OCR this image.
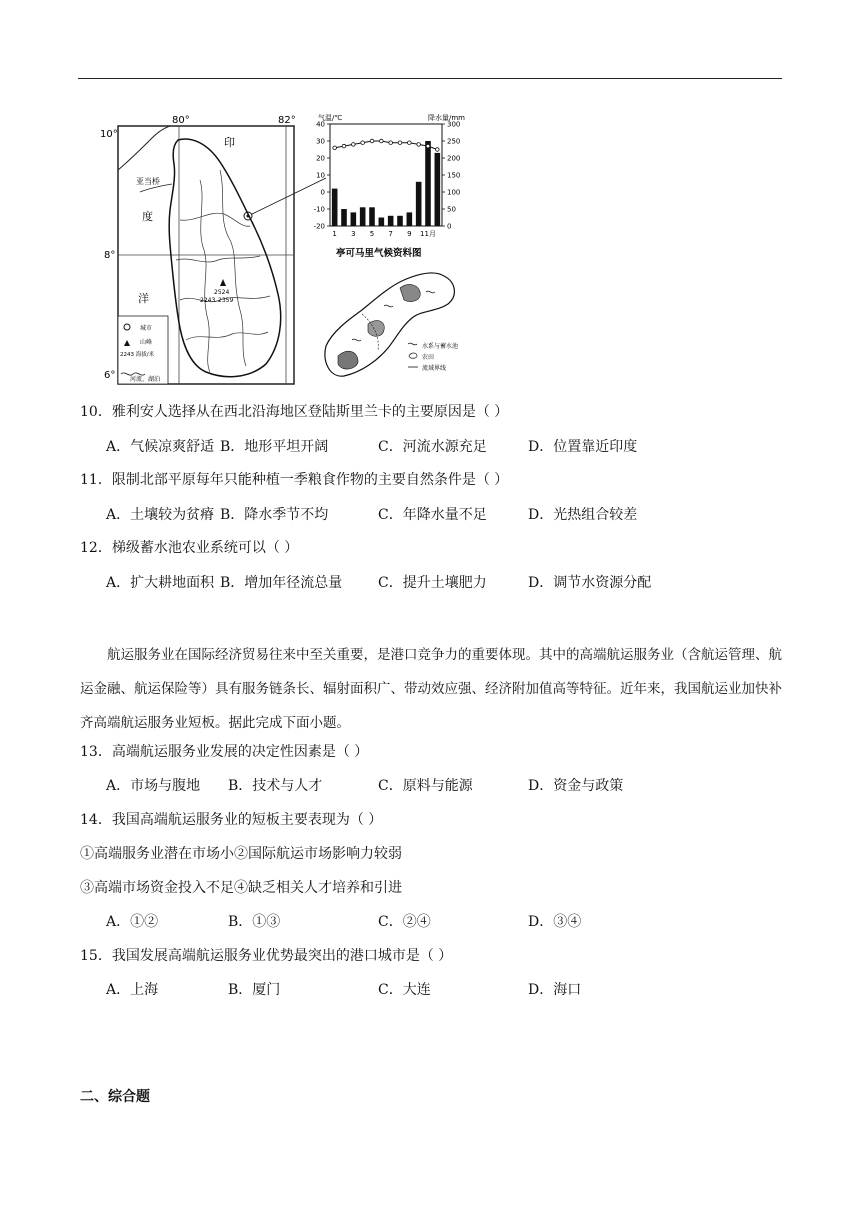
80°	82°
10°
8°
6°
印
亚当桥
度
洋	2524
2243 2359
城市
山峰
2243 海拔/米
河流、湖泊
气温/℃	降水量/mm
40
30
20
10
0
-10
-20
300
250
200
150
100
50
0
1 3 5 7 9 11月
亭可马里气候资料图
水系与蓄水池
农田
流域界线
10．雅利安人选择从在西北沿海地区登陆斯里兰卡的主要原因是（ ）
A．气候凉爽舒适 B．地形平坦开阔	C．河流水源充足	D．位置靠近印度
11．限制北部平原每年只能种植一季粮食作物的主要自然条件是（ ）
A．土壤较为贫瘠 B．降水季节不均	C．年降水量不足	D．光热组合较差
12．梯级蓄水池农业系统可以（ ）
A．扩大耕地面积 B．增加年径流总量	C．提升土壤肥力	D．调节水资源分配

航运服务业在国际经济贸易往来中至关重要，是港口竞争力的重要体现。其中的高端航运服务业（含航运管理、航运金融、航运保险等）具有服务链条长、辐射面积广、带动效应强、经济附加值高等特征。近年来，我国航运业加快补齐高端航运服务业短板。据此完成下面小题。

13．高端航运服务业发展的决定性因素是（ ）
A．市场与腹地 B．技术与人才	C．原料与能源	D．资金与政策
14．我国高端航运服务业的短板主要表现为（ ）
①高端服务业潜在市场小②国际航运市场影响力较弱
③高端市场资金投入不足④缺乏相关人才培养和引进
A．①②	B．①③	C．②④	D．③④
15．我国发展高端航运服务业优势最突出的港口城市是（ ）
A．上海	B．厦门	C．大连	D．海口
二、综合题
